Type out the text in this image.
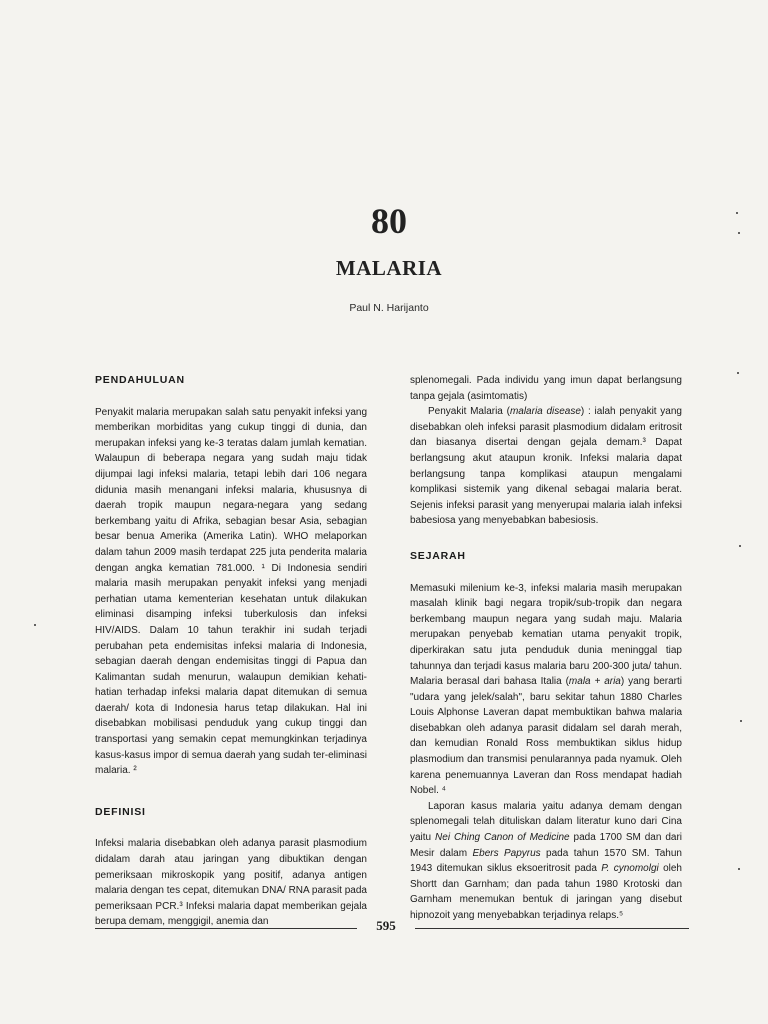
80
MALARIA
Paul N. Harijanto
PENDAHULUAN

Penyakit malaria merupakan salah satu penyakit infeksi yang memberikan morbiditas yang cukup tinggi di dunia, dan merupakan infeksi yang ke-3 teratas dalam jumlah kematian. Walaupun di beberapa negara yang sudah maju tidak dijumpai lagi infeksi malaria, tetapi lebih dari 106 negara didunia masih menangani infeksi malaria, khususnya di daerah tropik maupun negara-negara yang sedang berkembang yaitu di Afrika, sebagian besar Asia, sebagian besar benua Amerika (Amerika Latin). WHO melaporkan dalam tahun 2009 masih terdapat 225 juta penderita malaria dengan angka kematian 781.000. ¹ Di Indonesia sendiri malaria masih merupakan penyakit infeksi yang menjadi perhatian utama kementerian kesehatan untuk dilakukan eliminasi disamping infeksi tuberkulosis dan infeksi HIV/AIDS. Dalam 10 tahun terakhir ini sudah terjadi perubahan peta endemisitas infeksi malaria di Indonesia, sebagian daerah dengan endemisitas tinggi di Papua dan Kalimantan sudah menurun, walaupun demikian kehati-hatian terhadap infeksi malaria dapat ditemukan di semua daerah/ kota di Indonesia harus tetap dilakukan. Hal ini disebabkan mobilisasi penduduk yang cukup tinggi dan transportasi yang semakin cepat memungkinkan terjadinya kasus-kasus impor di semua daerah yang sudah ter-eliminasi malaria. ²

DEFINISI

Infeksi malaria disebabkan oleh adanya parasit plasmodium didalam darah atau jaringan yang dibuktikan dengan pemeriksaan mikroskopik yang positif, adanya antigen malaria dengan tes cepat, ditemukan DNA/ RNA parasit pada pemeriksaan PCR.³ Infeksi malaria dapat memberikan gejala berupa demam, menggigil, anemia dan

splenomegali. Pada individu yang imun dapat berlangsung tanpa gejala (asimtomatis)

Penyakit Malaria (malaria disease) : ialah penyakit yang disebabkan oleh infeksi parasit plasmodium didalam eritrosit dan biasanya disertai dengan gejala demam.³ Dapat berlangsung akut ataupun kronik. Infeksi malaria dapat berlangsung tanpa komplikasi ataupun mengalami komplikasi sistemik yang dikenal sebagai malaria berat. Sejenis infeksi parasit yang menyerupai malaria ialah infeksi babesiosa yang menyebabkan babesiosis.

SEJARAH

Memasuki milenium ke-3, infeksi malaria masih merupakan masalah klinik bagi negara tropik/sub-tropik dan negara berkembang maupun negara yang sudah maju. Malaria merupakan penyebab kematian utama penyakit tropik, diperkirakan satu juta penduduk dunia meninggal tiap tahunnya dan terjadi kasus malaria baru 200-300 juta/ tahun. Malaria berasal dari bahasa Italia (mala + aria) yang berarti "udara yang jelek/salah", baru sekitar tahun 1880 Charles Louis Alphonse Laveran dapat membuktikan bahwa malaria disebabkan oleh adanya parasit didalam sel darah merah, dan kemudian Ronald Ross membuktikan siklus hidup plasmodium dan transmisi penularannya pada nyamuk. Oleh karena penemuannya Laveran dan Ross mendapat hadiah Nobel. ⁴

Laporan kasus malaria yaitu adanya demam dengan splenomegali telah dituliskan dalam literatur kuno dari Cina yaitu Nei Ching Canon of Medicine pada 1700 SM dan dari Mesir dalam Ebers Papyrus pada tahun 1570 SM. Tahun 1943 ditemukan siklus eksoeritrosit pada P. cynomolgi oleh Shortt dan Garnham; dan pada tahun 1980 Krotoski dan Garnham menemukan bentuk di jaringan yang disebut hipnozoit yang menyebabkan terjadinya relaps.⁵

595
